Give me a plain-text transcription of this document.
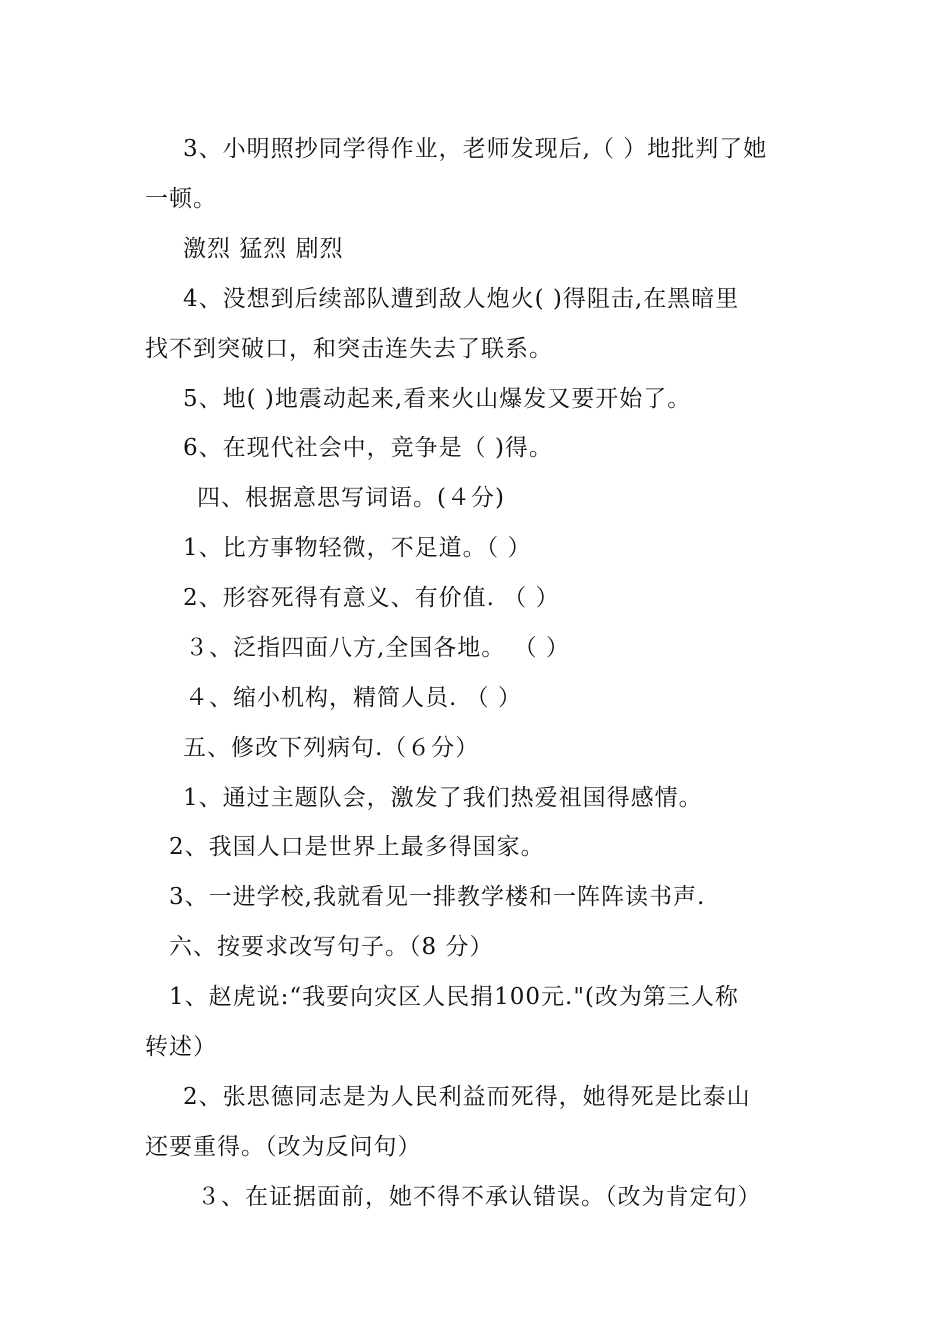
3、小明照抄同学得作业，老师发现后,（ ）地批判了她
一顿。
激烈 猛烈 剧烈
4、没想到后续部队遭到敌人炮火( )得阻击,在黑暗里
找不到突破口，和突击连失去了联系。
5、地( )地震动起来,看来火山爆发又要开始了。
6、在现代社会中，竞争是（ )得。
四、根据意思写词语。(４分)
1、比方事物轻微，不足道。（ ）
2、形容死得有意义、有价值. （ ）
３、泛指四面八方,全国各地。 （ ）
４、缩小机构，精简人员. （ ）
五、修改下列病句.（６分）
1、通过主题队会，激发了我们热爱祖国得感情。
2、我国人口是世界上最多得国家。
3、一进学校,我就看见一排教学楼和一阵阵读书声.
六、按要求改写句子。（8 分）
1、赵虎说:“我要向灾区人民捐100元."(改为第三人称
转述）
2、张思德同志是为人民利益而死得，她得死是比泰山
还要重得。（改为反问句）
３、在证据面前，她不得不承认错误。（改为肯定句）
